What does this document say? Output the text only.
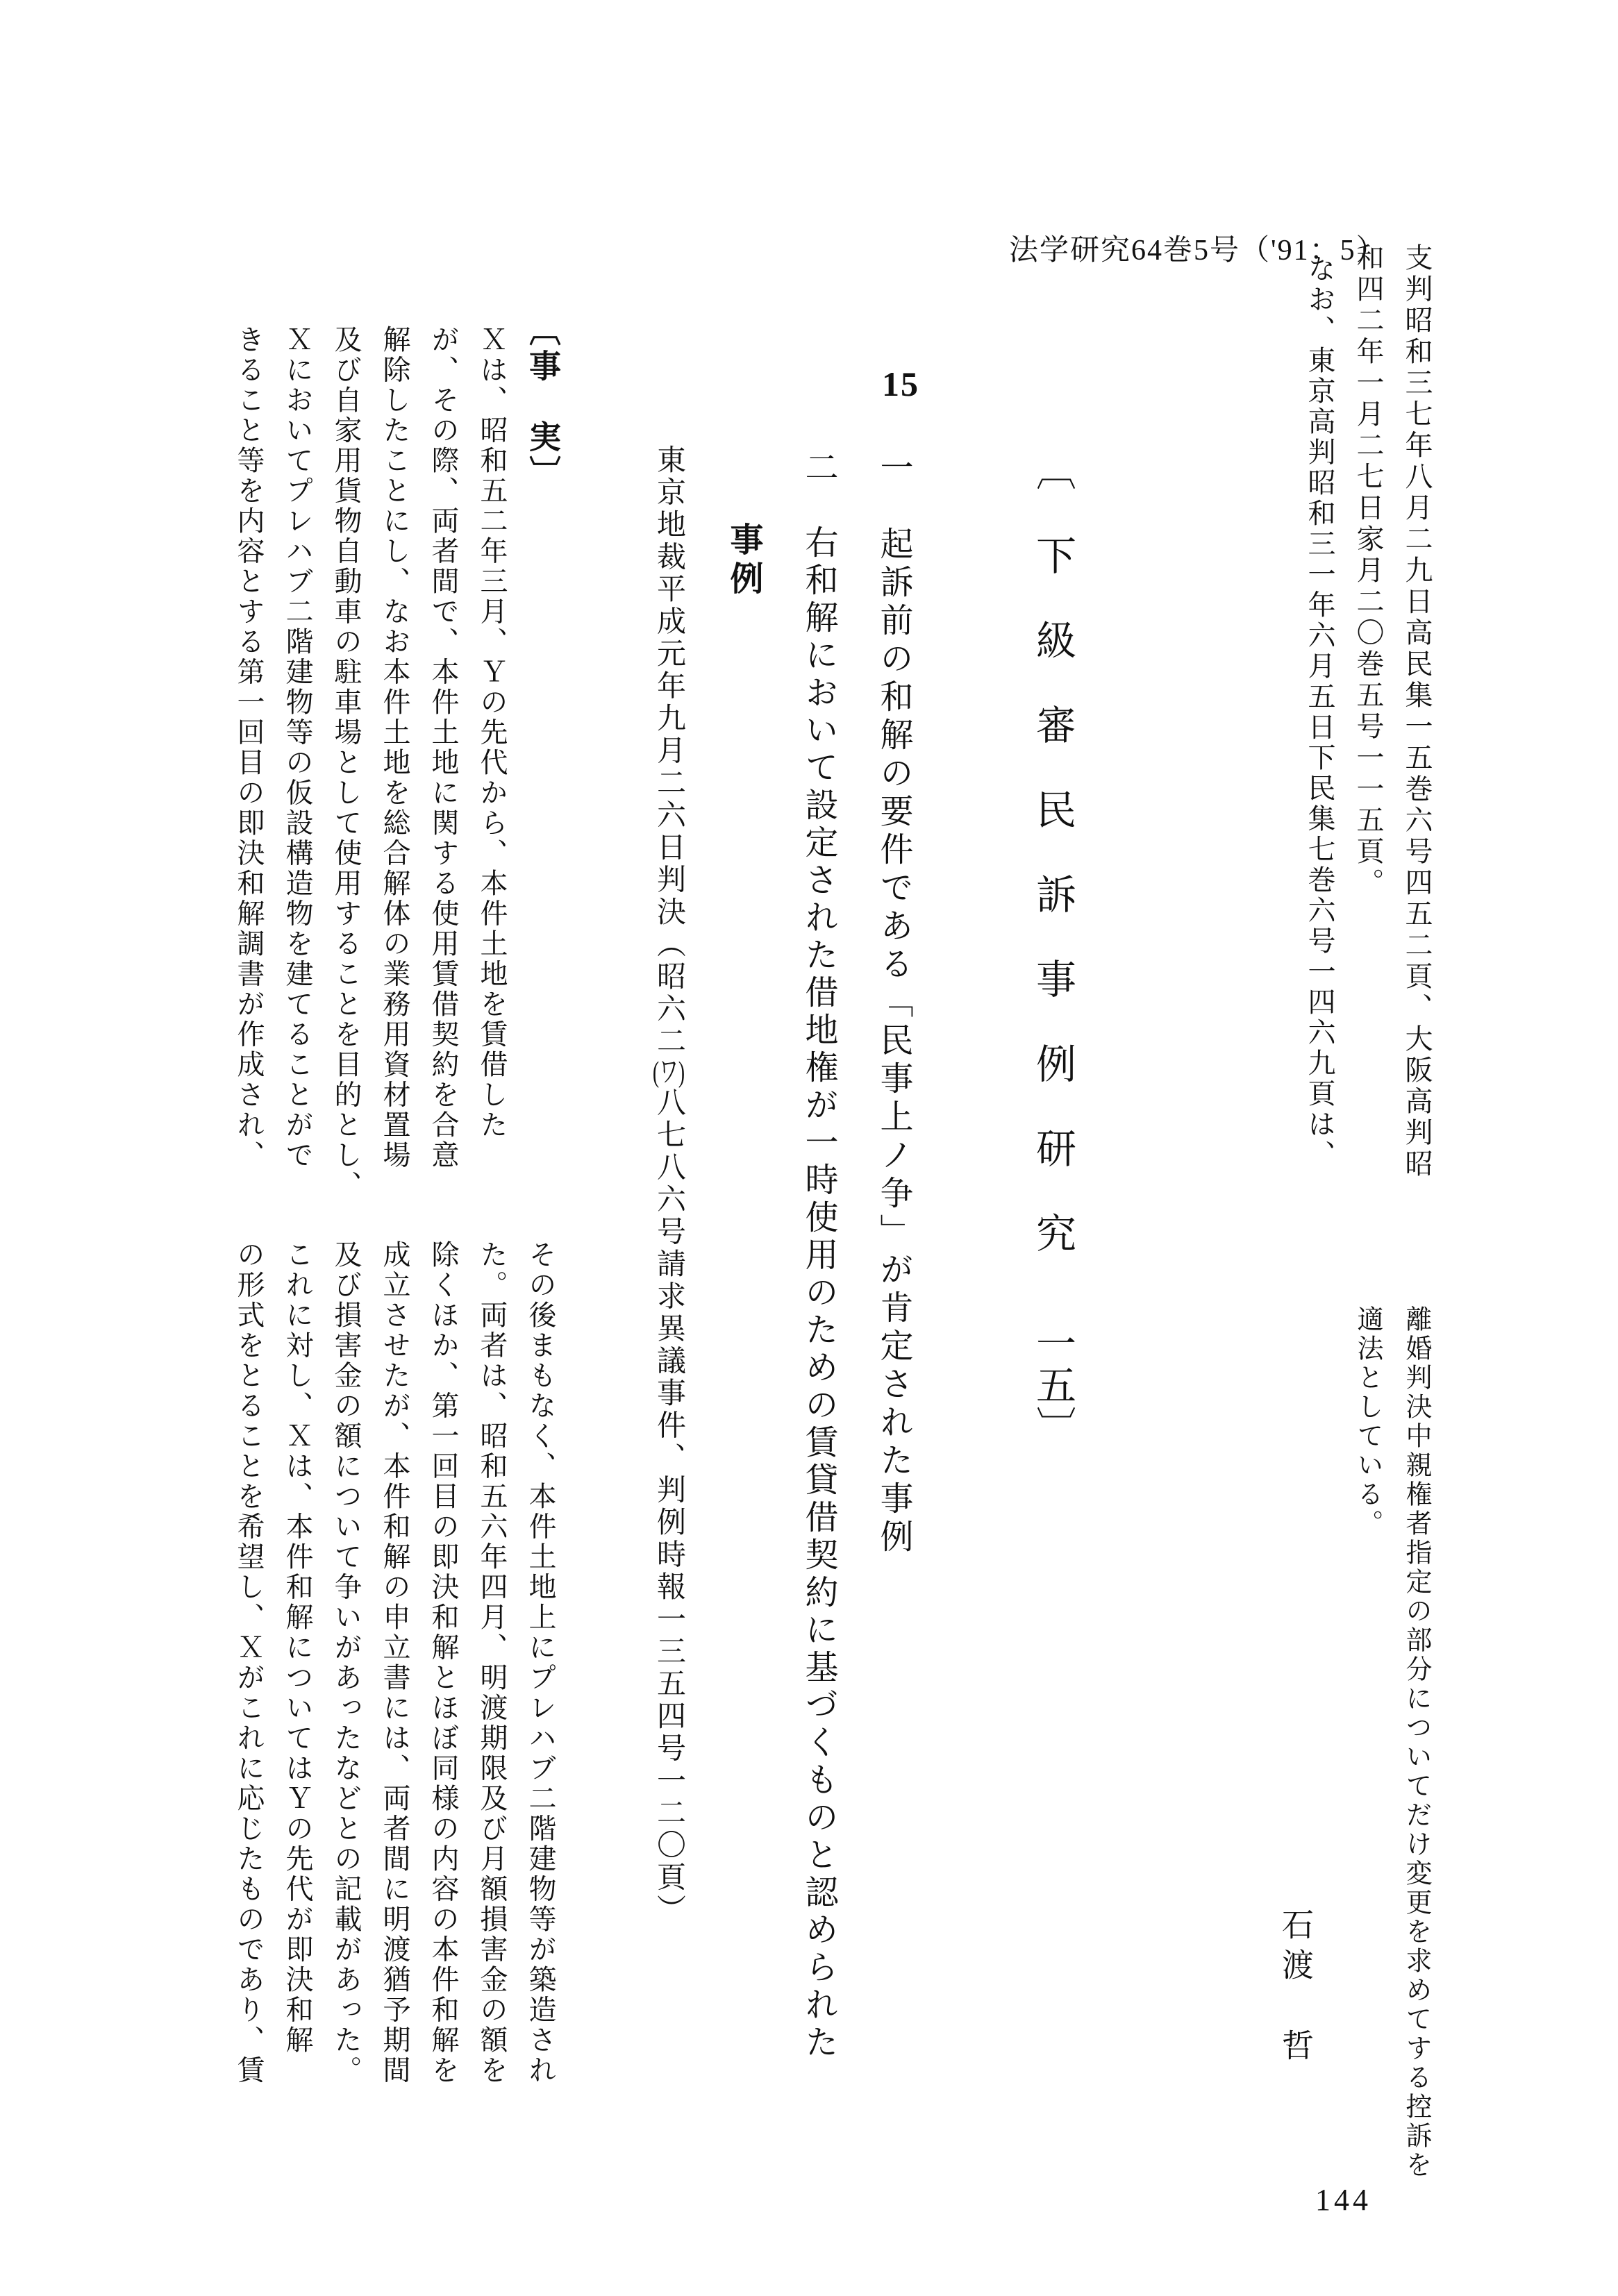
法学研究64巻5号（'91：5） 支判昭和三七年八月二九日高民集一五巻六号四五二頁、大阪高判昭
和四二年一月二七日家月二〇巻五号一一五頁。
なお、東京高判昭和三一年六月五日下民集七巻六号一四六九頁は、
離婚判決中親権者指定の部分についてだけ変更を求めてする控訴を
適法としている。
石渡　哲
〔下級審民訴事例研究
一五〕
15
一　起訴前の和解の要件である「民事上ノ争」が肯定された事例
二　右和解において設定された借地権が一時使用のための賃貸借契約に基づくものと認められた
事例
東京地裁平成元年九月二六日判決（昭六二(ワ)八七八六号請求異議事件、判例時報一三五四号一二〇頁）
〔事　実〕
Ｘは、昭和五二年三月、Ｙの先代から、本件土地を賃借した
が、その際、両者間で、本件土地に関する使用賃借契約を合意
解除したことにし、なお本件土地を総合解体の業務用資材置場
及び自家用貨物自動車の駐車場として使用することを目的とし、
Ｘにおいてプレハブ二階建物等の仮設構造物を建てることがで
きること等を内容とする第一回目の即決和解調書が作成され、
その後まもなく、本件土地上にプレハブ二階建物等が築造され
た。両者は、昭和五六年四月、明渡期限及び月額損害金の額を
除くほか、第一回目の即決和解とほぼ同様の内容の本件和解を
成立させたが、本件和解の申立書には、両者間に明渡猶予期間
及び損害金の額について争いがあったなどとの記載があった。
これに対し、Ｘは、本件和解についてはＹの先代が即決和解
の形式をとることを希望し、Ｘがこれに応じたものであり、賃
144
